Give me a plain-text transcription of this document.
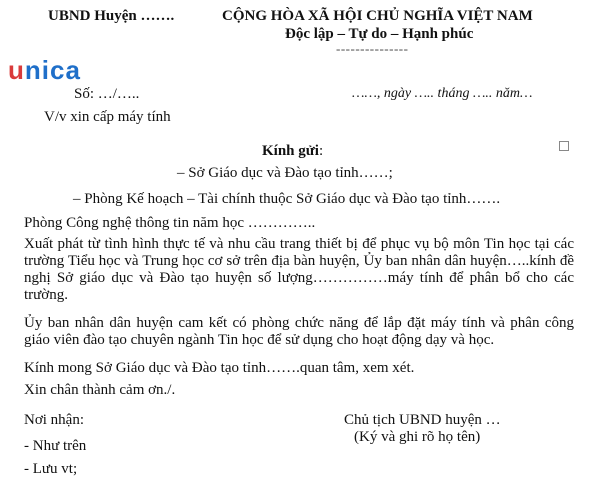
UBND Huyện …….	CỘNG HÒA XÃ HỘI CHỦ NGHĨA VIỆT NAM
Độc lập – Tự do – Hạnh phúc
---------------
unica
Số: …/…..	……, ngày ….. tháng ….. năm…
V/v xin cấp máy tính
Kính gửi:
– Sở Giáo dục và Đào tạo tỉnh……;
– Phòng Kế hoạch – Tài chính thuộc Sở Giáo dục và Đào tạo tỉnh…….
Phòng Công nghệ thông tin năm học …………..
Xuất phát từ tình hình thực tế và nhu cầu trang thiết bị để phục vụ bộ môn Tin học tại các trường Tiểu học và Trung học cơ sở trên địa bàn huyện, Ủy ban nhân dân huyện…..kính đề nghị Sở giáo dục và Đào tạo huyện số lượng……………máy tính để phân bổ cho các trường.
Ủy ban nhân dân huyện cam kết có phòng chức năng để lắp đặt máy tính và phân công giáo viên đào tạo chuyên ngành Tin học để sử dụng cho hoạt động dạy và học.
Kính mong Sở Giáo dục và Đào tạo tỉnh…….quan tâm, xem xét.
Xin chân thành cảm ơn./.
Nơi nhận:
- Như trên
- Lưu vt;
Chủ tịch UBND huyện …
(Ký và ghi rõ họ tên)
